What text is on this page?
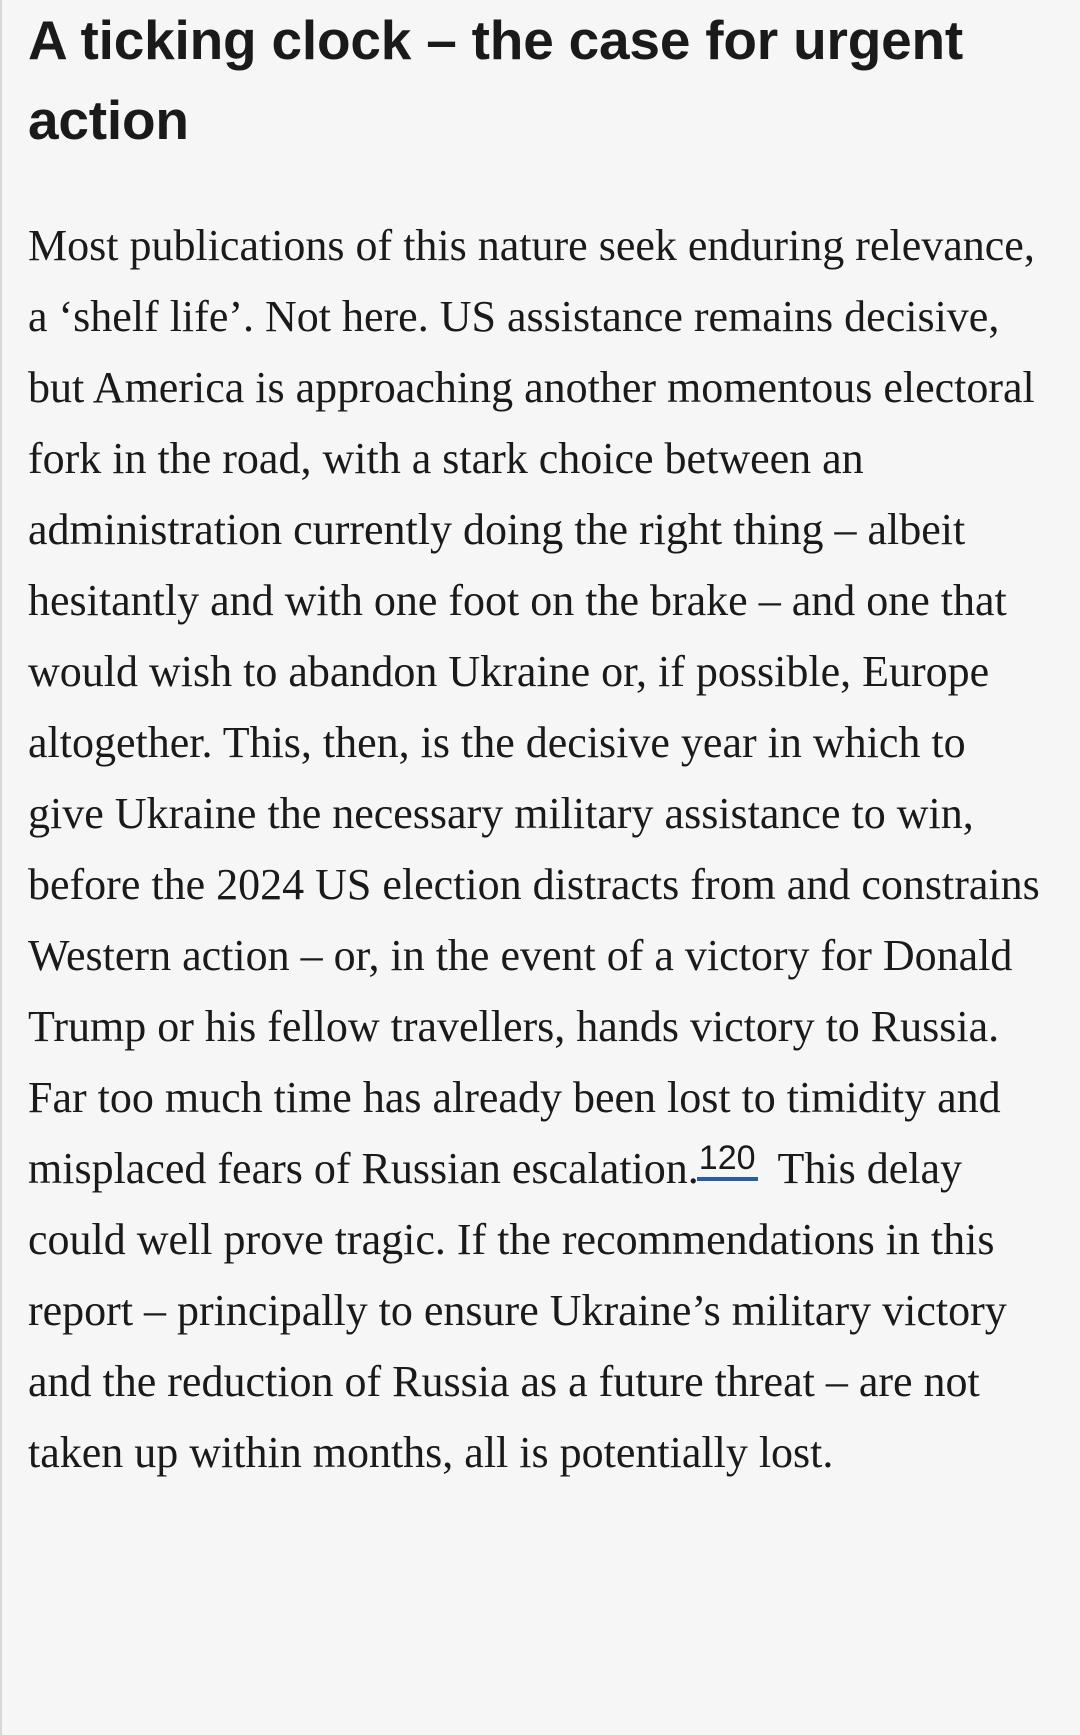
A ticking clock – the case for urgent action

Most publications of this nature seek enduring relevance, a ‘shelf life’. Not here. US assistance remains decisive, but America is approaching another momentous electoral fork in the road, with a stark choice between an administration currently doing the right thing – albeit hesitantly and with one foot on the brake – and one that would wish to abandon Ukraine or, if possible, Europe altogether. This, then, is the decisive year in which to give Ukraine the necessary military assistance to win, before the 2024 US election distracts from and constrains Western action – or, in the event of a victory for Donald Trump or his fellow travellers, hands victory to Russia. Far too much time has already been lost to timidity and misplaced fears of Russian escalation.$^{120}$ This delay could well prove tragic. If the recommendations in this report – principally to ensure Ukraine’s military victory and the reduction of Russia as a future threat – are not taken up within months, all is potentially lost.
